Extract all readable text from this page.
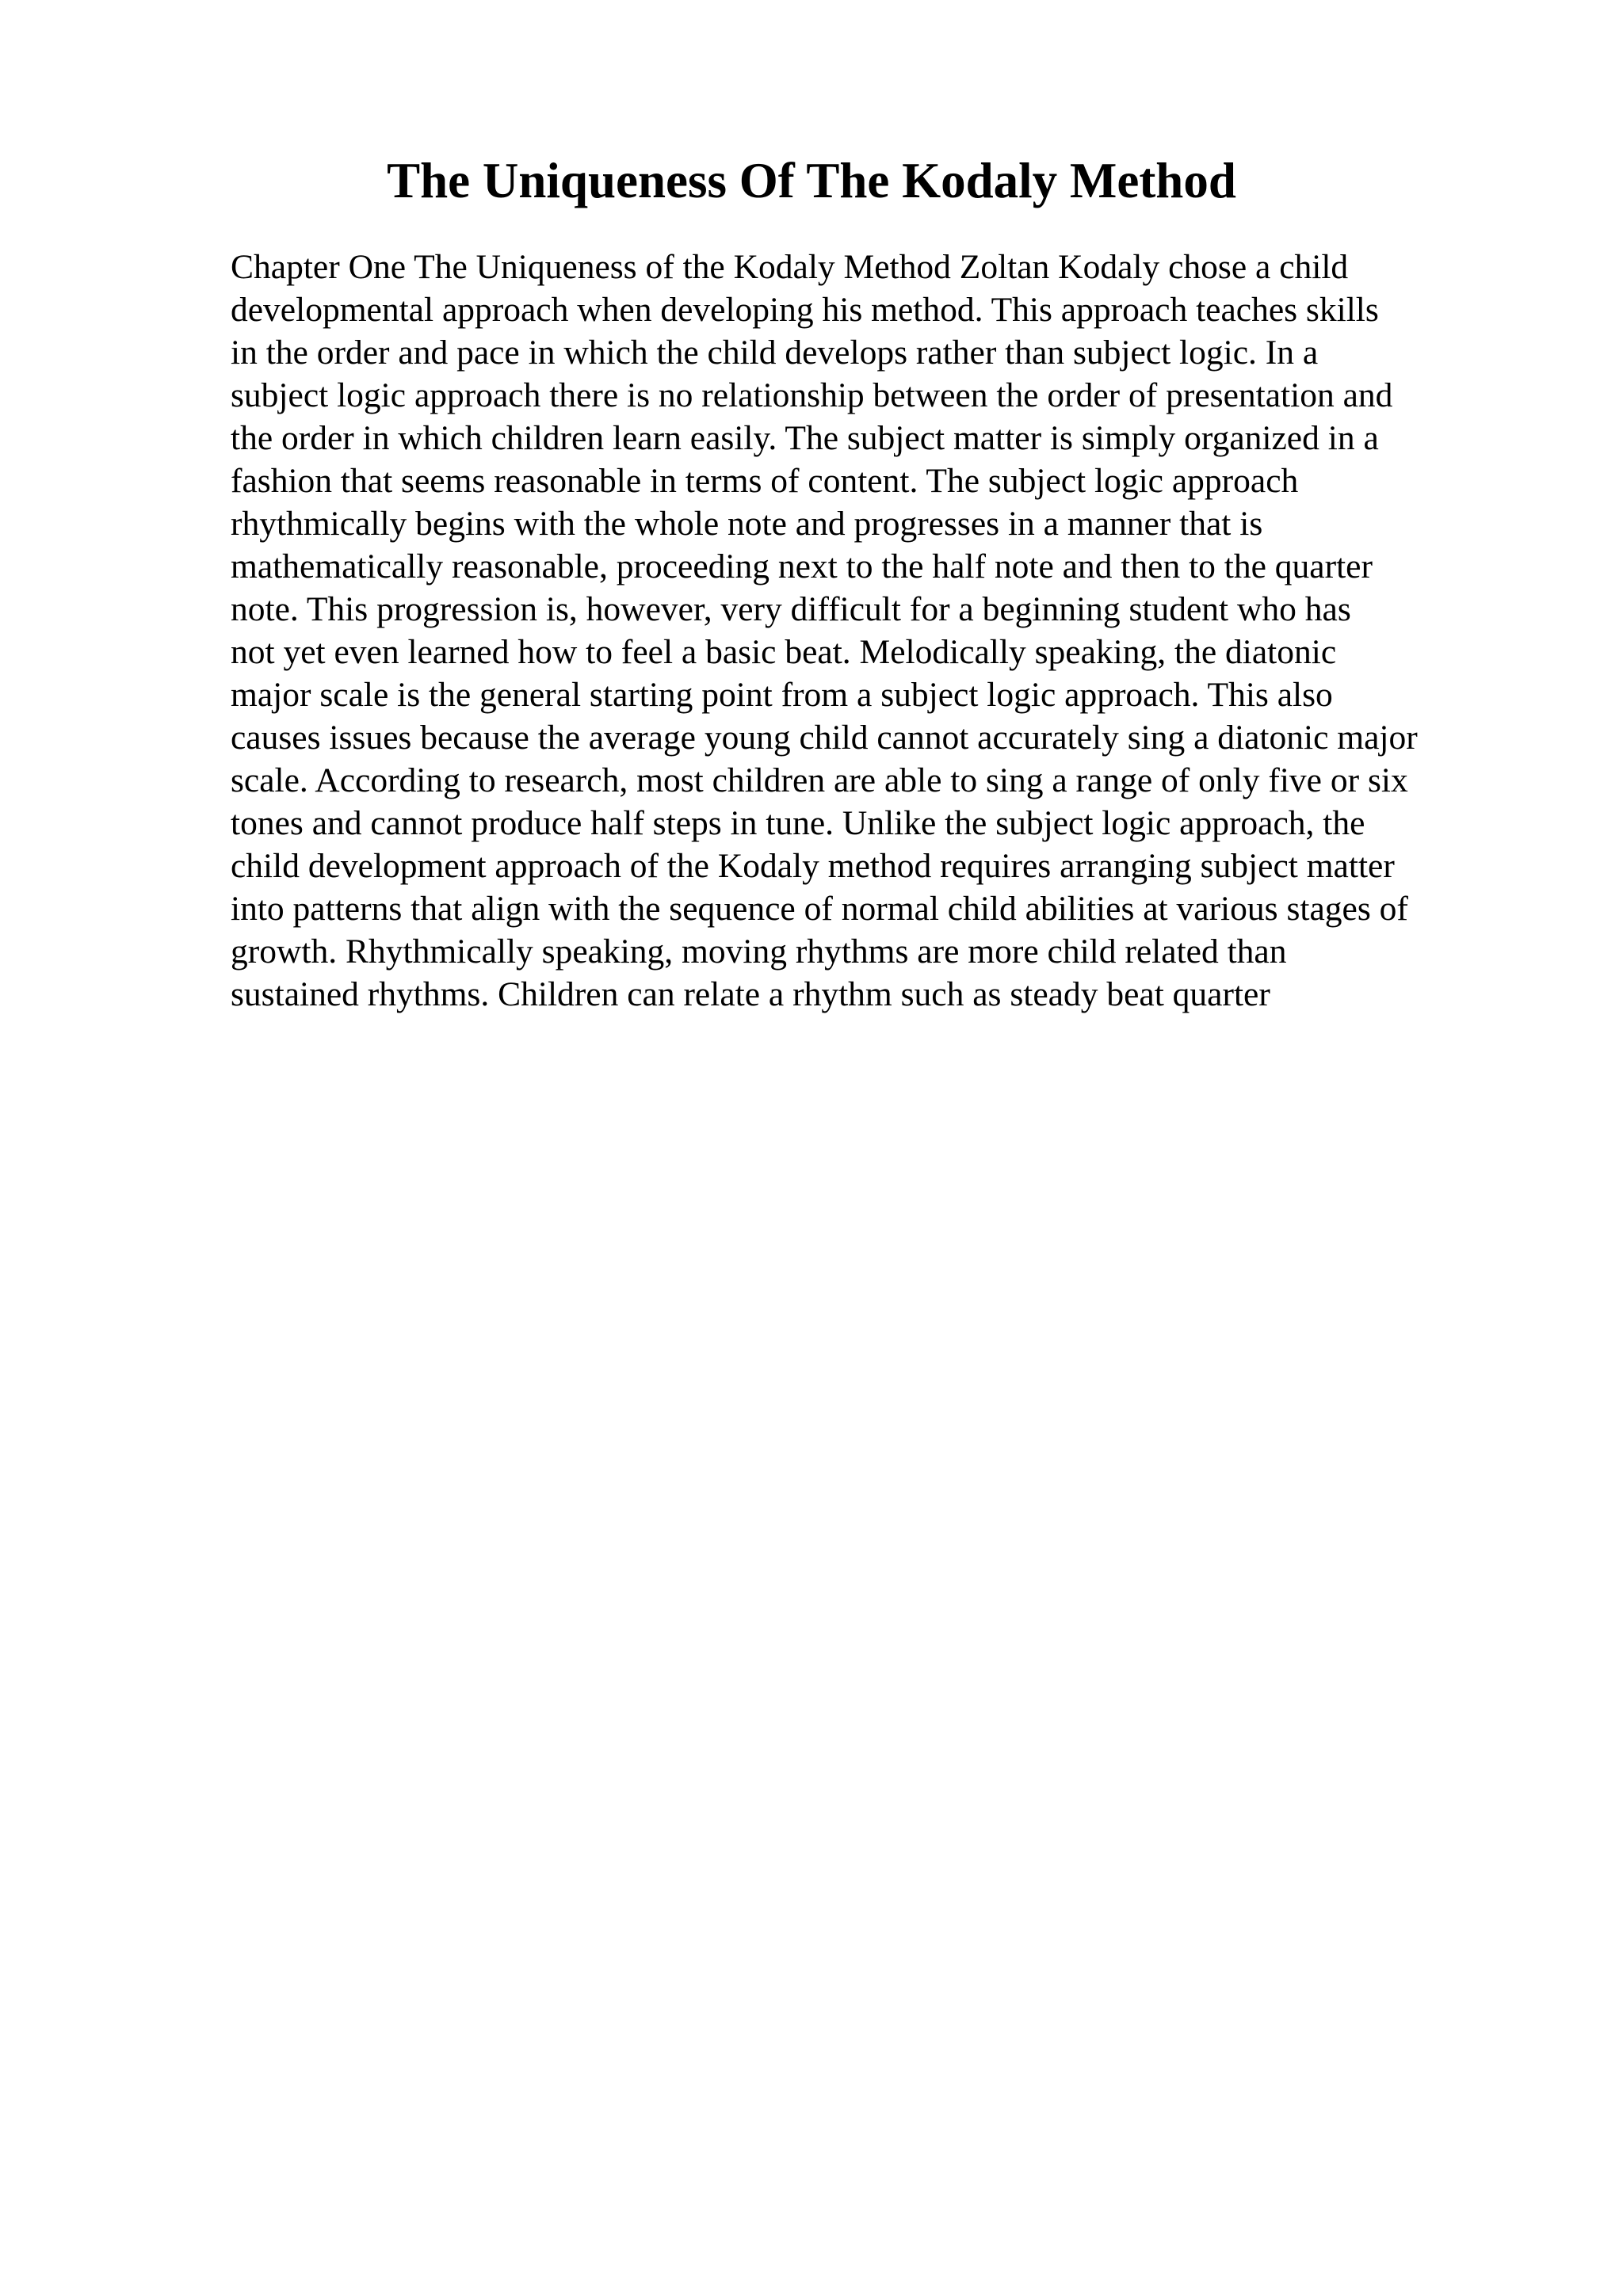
The Uniqueness Of The Kodaly Method
Chapter One The Uniqueness of the Kodaly Method Zoltan Kodaly chose a child
developmental approach when developing his method. This approach teaches skills
in the order and pace in which the child develops rather than subject logic. In a
subject logic approach there is no relationship between the order of presentation and
the order in which children learn easily. The subject matter is simply organized in a
fashion that seems reasonable in terms of content. The subject logic approach
rhythmically begins with the whole note and progresses in a manner that is
mathematically reasonable, proceeding next to the half note and then to the quarter
note. This progression is, however, very difficult for a beginning student who has
not yet even learned how to feel a basic beat. Melodically speaking, the diatonic
major scale is the general starting point from a subject logic approach. This also
causes issues because the average young child cannot accurately sing a diatonic major
scale. According to research, most children are able to sing a range of only five or six
tones and cannot produce half steps in tune. Unlike the subject logic approach, the
child development approach of the Kodaly method requires arranging subject matter
into patterns that align with the sequence of normal child abilities at various stages of
growth. Rhythmically speaking, moving rhythms are more child related than
sustained rhythms. Children can relate a rhythm such as steady beat quarter
